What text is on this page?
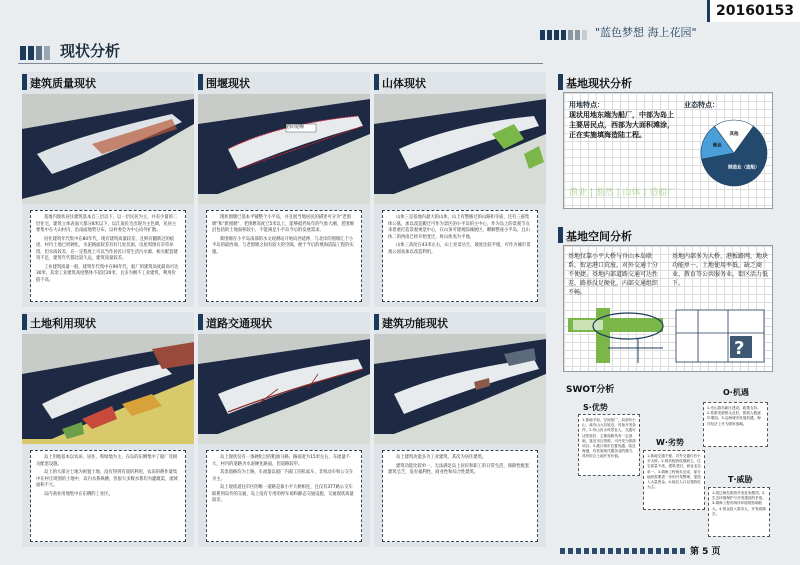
20160153
"蓝色梦想 海上花园"
现状分析
建筑质量现状

基地内现状居住建筑基本自三层以下，以一层民居为主，并有少量的二层住宅，建筑立体表面大都分8米以下，以江南民宅出现为主色调，民居主要集中在大山村内，沿南面地势分布，以村委会为中心向外扩散。

居住建筑年代集中在80年代，现有建筑质量较差，且鲜有翻新过的痕迹，村内土地已经硬化，水泥路面较差有好几处坑洞，房屋周围有杂草环绕，但水质较差，在一定程度上可以当作居民日常生活污水源，相关配套建筑不足，建筑年代都比较久远，建筑质量较差。

工业建筑质量一般，建筑年代集中在90年代，船厂的建筑高度最高可达30米，其余工业建筑高度整体不超过20米，且多为倒不工业建筑，利用价值不高。

围堰现状
现状堤堰

现状围堰已基本平铺整个小平岛，并且展当地居民的描述可分为"老围堰"和"新围堰"，老围堰高度已5米以上，能够抵挡每年的气象大潮，老围堰沿包括的土地面积较小，不能满足小平岛今后的发展需求。

新围堰在小平岛南部的水文观测站开始向西延伸，与北岸的围堰汇于小平岛的最西端，与老围堰之间有较大的空隔，便于今后的填海造陆工程的实施。

山体现状

山体三是基地内最大的山体，山上有整修过的山路和寺庙，还有三座集体公墓，加以改造搬迁可作为景区的小平岛的主中心，作为岛上的景观节点来着重打造景观视觉中心，在山顶可建观临城展区，瞭解整座小平岛，且山体二的西南已经开始变迁，将山体夷为平地。

山体三高度在43米左右，山上亮景丛生，坡度比较平缓，可作为城市景观公园来加以改造利用。

土地利用现状

岛上用地基本以农田、居住、和绿地为主，在岛的东侧集中了船厂及相关配套设施。

岛上的大部分土地为闲置土地，没有得到有效的利用，农田的耕作量集中在村庄周围的土地中，岛内水系纵横，但很大多数水系均为灌溉渠，流域面积不大。

岛内商业用地集中在东侧的工业区。

道路交通现状

岛上现状仅有一条硬化过的粗油马路，路面宽为15米左右，车流量不大，村内的道路为水泥硬化路面，但道路较窄。

其余道路均为土路，车流量以船厂内部工的私家车、非机动车和公交车为主。

岛上现状道往市区的唯一道路是靠小平大桥相连，且仅有377路公交车联系到岛外的交通，岛上没有专用的停车场和静态交通设施，交通现状质量较差。

建筑功能现状

岛上建筑功能多为工业建筑，其次为居住建筑。

建筑功能比较单一，无法满足岛上居民和职工的日常生活，保障性配套建筑呈乏，没有福利性、商业性和综合性建筑。

基地现状分析
用地特点：
现状用地东端为船厂，中部为岛上主要居民点，西部为大面积滩涂，正在实施填海造陆工程。
渔业 | 豁然 | 山体 | 造船厂
业态特点：
制造业（造船）
商业
其他
基地空间分析
基地仅靠小平大桥与舟山本岛联系，衔运港口荒废，对外交通十分不便捷。基地内部道路交通可达性差，路基没足硬化，内部交通组织不畅。
基地内部多为大桥、港板路网，地块功能单一，土地使用率低，缺乏商业、教育等公共服务业，街区活力低下。
?
SWOT分析
S·优势
1.基地平坦，空间宽广，局部有小山，离舟山大岛较近，具备开发条件。2.有山有水风景宜人，交通可达性较好，主要道路具有一定基础，靠近市区资源，可开发为旅游项目。3.港口城市位置优越，临近海港，有发展现代服务业的潜力，具有综合土地开发价值。
O·机遇
1.舟山群岛新区建设，政策支持。2.旅游发展势头良好，旅游人数逐年增加。3.沿海城市发展机遇，海洋经济上升为国家战略。
W·劣势
1.基地交通不便，对外交通仅有小平大桥。2.现状配套设施缺乏，住宅质量不高，建筑老旧，商业业态单一。3.填海工程尚未完成，部分地块需要进一步的开发整理，需投入大量资金。4.地区人口以老龄化为主。
T·威胁
1.周边海岛旅游开发竞争激烈。2.生态环境保护与开发建设的矛盾。3.填海工程对海洋环境的影响较大。4.资金投入需求大，开发周期长。
第 5 页
